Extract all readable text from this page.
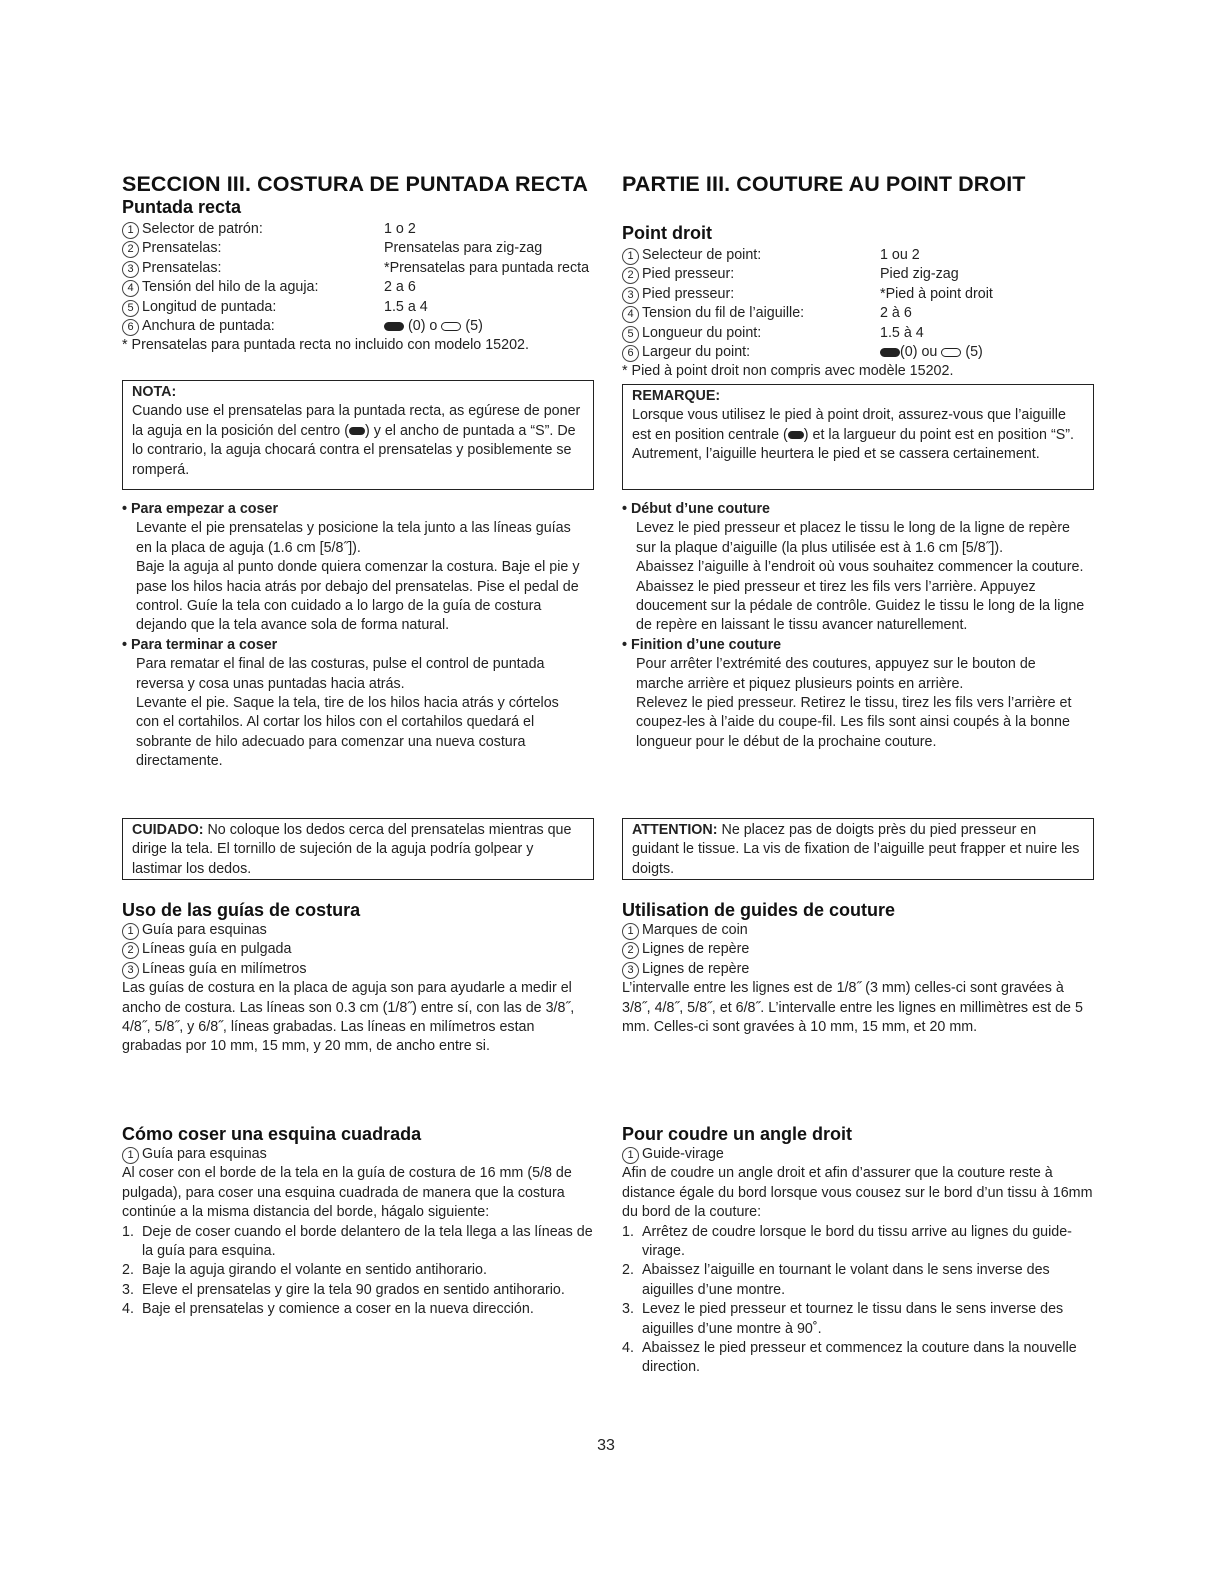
SECCION III. COSTURA DE PUNTADA RECTA
Puntada recta
1 Selector de patrón:	1 o 2
2 Prensatelas:	Prensatelas para zig-zag
3 Prensatelas:	*Prensatelas para puntada recta
4 Tensión del hilo de la aguja:	2 a 6
5 Longitud de puntada:	1.5 a 4
6 Anchura de puntada:	(0) o (5)

* Prensatelas para puntada recta no incluido con modelo 15202.

NOTA:

Cuando use el prensatelas para la puntada recta, as egúrese de poner la aguja en la posición del centro ( ) y el ancho de puntada a “S”. De lo contrario, la aguja chocará contra el prensatelas y posiblemente se romperá.

• Para empezar a coser

Levante el pie prensatelas y posicione la tela junto a las líneas guías en la placa de aguja (1.6 cm [5/8˝]).

Baje la aguja al punto donde quiera comenzar la costura. Baje el pie y pase los hilos hacia atrás por debajo del prensatelas. Pise el pedal de control. Guíe la tela con cuidado a lo largo de la guía de costura dejando que la tela avance sola de forma natural.

• Para terminar a coser

Para rematar el final de las costuras, pulse el control de puntada reversa y cosa unas puntadas hacia atrás.

Levante el pie. Saque la tela, tire de los hilos hacia atrás y córtelos con el cortahilos. Al cortar los hilos con el cortahilos quedará el sobrante de hilo adecuado para comenzar una nueva costura directamente.

CUIDADO: No coloque los dedos cerca del prensatelas mientras que dirige la tela. El tornillo de sujeción de la aguja podría golpear y lastimar los dedos.

Uso de las guías de costura
1 Guía para esquinas
2 Líneas guía en pulgada
3 Líneas guía en milímetros

Las guías de costura en la placa de aguja son para ayudarle a medir el ancho de costura. Las líneas son 0.3 cm (1/8˝) entre sí, con las de 3/8˝, 4/8˝, 5/8˝, y 6/8˝, líneas grabadas. Las líneas en milímetros estan grabadas por 10 mm, 15 mm, y 20 mm, de ancho entre si.

Cómo coser una esquina cuadrada
1 Guía para esquinas

Al coser con el borde de la tela en la guía de costura de 16 mm (5/8 de pulgada), para coser una esquina cuadrada de manera que la costura continúe a la misma distancia del borde, hágalo siguiente:

1. Deje de coser cuando el borde delantero de la tela llega a las líneas de la guía para esquina.
2. Baje la aguja girando el volante en sentido antihorario.
3. Eleve el prensatelas y gire la tela 90 grados en sentido antihorario.
4. Baje el prensatelas y comience a coser en la nueva dirección.
PARTIE III. COUTURE AU POINT DROIT
Point droit
1 Selecteur de point:	1 ou 2
2 Pied presseur:	Pied zig-zag
3 Pied presseur:	*Pied à point droit
4 Tension du fil de l’aiguille:	2 à 6
5 Longueur du point:	1.5 à 4
6 Largeur du point:	(0) ou (5)

* Pied à point droit non compris avec modèle 15202.

REMARQUE:

Lorsque vous utilisez le pied à point droit, assurez-vous que l’aiguille est en position centrale ( ) et la largueur du point est en position “S”. Autrement, l’aiguille heurtera le pied et se cassera certainement.

• Début d’une couture

Levez le pied presseur et placez le tissu le long de la ligne de repère sur la plaque d’aiguille (la plus utilisée est à 1.6 cm [5/8˝]).

Abaissez l’aiguille à l’endroit où vous souhaitez commencer la couture. Abaissez le pied presseur et tirez les fils vers l’arrière. Appuyez doucement sur la pédale de contrôle. Guidez le tissu le long de la ligne de repère en laissant le tissu avancer naturellement.

• Finition d’une couture

Pour arrêter l’extrémité des coutures, appuyez sur le bouton de marche arrière et piquez plusieurs points en arrière.

Relevez le pied presseur. Retirez le tissu, tirez les fils vers l’arrière et coupez-les à l’aide du coupe-fil. Les fils sont ainsi coupés à la bonne longueur pour le début de la prochaine couture.

ATTENTION: Ne placez pas de doigts près du pied presseur en guidant le tissue. La vis de fixation de l’aiguille peut frapper et nuire les doigts.

Utilisation de guides de couture
1 Marques de coin
2 Lignes de repère
3 Lignes de repère

L’intervalle entre les lignes est de 1/8˝ (3 mm) celles-ci sont gravées à 3/8˝, 4/8˝, 5/8˝, et 6/8˝. L’intervalle entre les lignes en millimètres est de 5 mm. Celles-ci sont gravées à 10 mm, 15 mm, et 20 mm.

Pour coudre un angle droit
1 Guide-virage

Afin de coudre un angle droit et afin d’assurer que la couture reste à distance égale du bord lorsque vous cousez sur le bord d’un tissu à 16mm du bord de la couture:

1. Arrêtez de coudre lorsque le bord du tissu arrive au lignes du guide-virage.
2. Abaissez l’aiguille en tournant le volant dans le sens inverse des aiguilles d’une montre.
3. Levez le pied presseur et tournez le tissu dans le sens inverse des aiguilles d’une montre à 90˚.
4. Abaissez le pied presseur et commencez la couture dans la nouvelle direction.
33
